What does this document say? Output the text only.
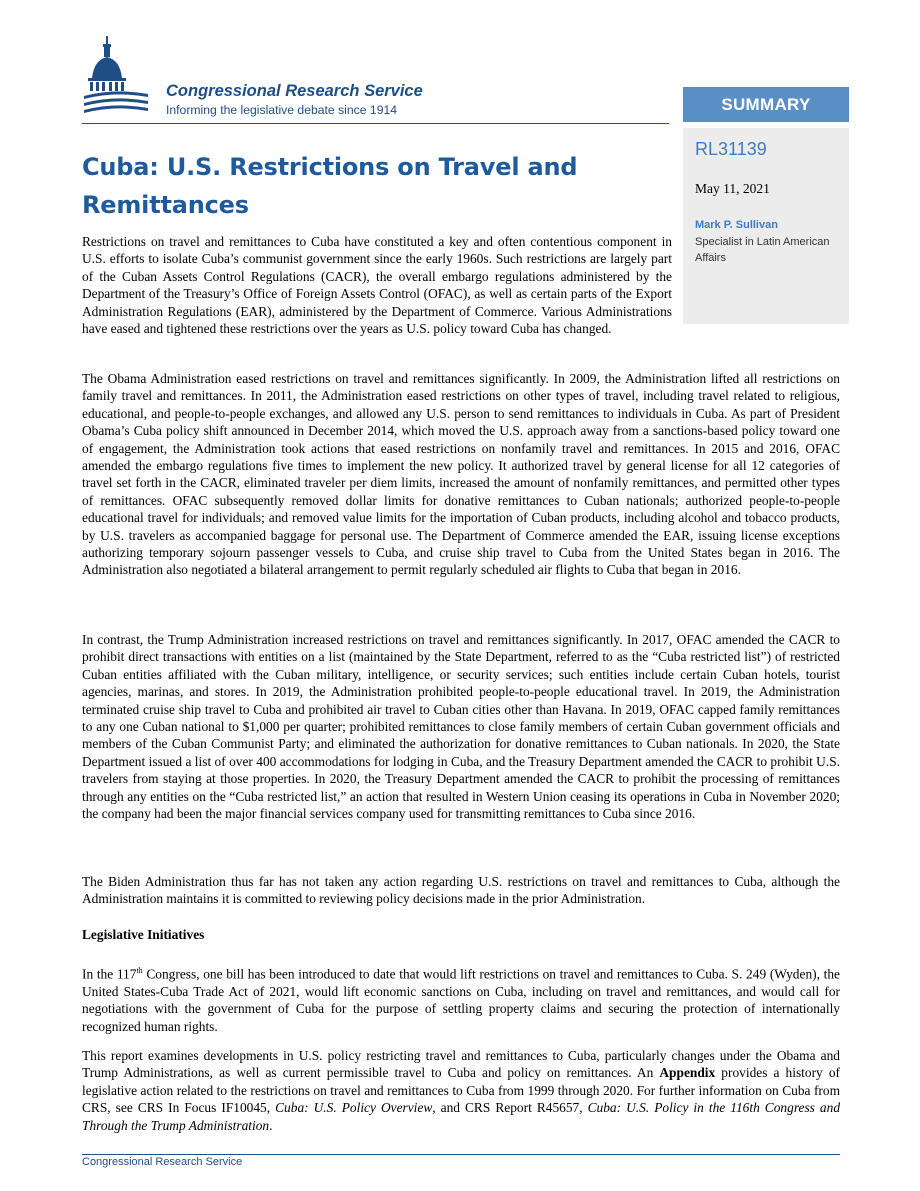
Congressional Research Service
Informing the legislative debate since 1914	SUMMARY
RL31139
May 11, 2021
Mark P. Sullivan
Specialist in Latin American Affairs
Cuba: U.S. Restrictions on Travel and Remittances

Restrictions on travel and remittances to Cuba have constituted a key and often contentious component in U.S. efforts to isolate Cuba’s communist government since the early 1960s. Such restrictions are largely part of the Cuban Assets Control Regulations (CACR), the overall embargo regulations administered by the Department of the Treasury’s Office of Foreign Assets Control (OFAC), as well as certain parts of the Export Administration Regulations (EAR), administered by the Department of Commerce. Various Administrations have eased and tightened these restrictions over the years as U.S. policy toward Cuba has changed.

The Obama Administration eased restrictions on travel and remittances significantly. In 2009, the Administration lifted all restrictions on family travel and remittances. In 2011, the Administration eased restrictions on other types of travel, including travel related to religious, educational, and people-to-people exchanges, and allowed any U.S. person to send remittances to individuals in Cuba. As part of President Obama’s Cuba policy shift announced in December 2014, which moved the U.S. approach away from a sanctions-based policy toward one of engagement, the Administration took actions that eased restrictions on nonfamily travel and remittances. In 2015 and 2016, OFAC amended the embargo regulations five times to implement the new policy. It authorized travel by general license for all 12 categories of travel set forth in the CACR, eliminated traveler per diem limits, increased the amount of nonfamily remittances, and permitted other types of remittances. OFAC subsequently removed dollar limits for donative remittances to Cuban nationals; authorized people-to-people educational travel for individuals; and removed value limits for the importation of Cuban products, including alcohol and tobacco products, by U.S. travelers as accompanied baggage for personal use. The Department of Commerce amended the EAR, issuing license exceptions authorizing temporary sojourn passenger vessels to Cuba, and cruise ship travel to Cuba from the United States began in 2016. The Administration also negotiated a bilateral arrangement to permit regularly scheduled air flights to Cuba that began in 2016.

In contrast, the Trump Administration increased restrictions on travel and remittances significantly. In 2017, OFAC amended the CACR to prohibit direct transactions with entities on a list (maintained by the State Department, referred to as the “Cuba restricted list”) of restricted Cuban entities affiliated with the Cuban military, intelligence, or security services; such entities include certain Cuban hotels, tourist agencies, marinas, and stores. In 2019, the Administration prohibited people-to-people educational travel. In 2019, the Administration terminated cruise ship travel to Cuba and prohibited air travel to Cuban cities other than Havana. In 2019, OFAC capped family remittances to any one Cuban national to $1,000 per quarter; prohibited remittances to close family members of certain Cuban government officials and members of the Cuban Communist Party; and eliminated the authorization for donative remittances to Cuban nationals. In 2020, the State Department issued a list of over 400 accommodations for lodging in Cuba, and the Treasury Department amended the CACR to prohibit U.S. travelers from staying at those properties. In 2020, the Treasury Department amended the CACR to prohibit the processing of remittances through any entities on the “Cuba restricted list,” an action that resulted in Western Union ceasing its operations in Cuba in November 2020; the company had been the major financial services company used for transmitting remittances to Cuba since 2016.

The Biden Administration thus far has not taken any action regarding U.S. restrictions on travel and remittances to Cuba, although the Administration maintains it is committed to reviewing policy decisions made in the prior Administration.

Legislative Initiatives

In the 117th Congress, one bill has been introduced to date that would lift restrictions on travel and remittances to Cuba. S. 249 (Wyden), the United States-Cuba Trade Act of 2021, would lift economic sanctions on Cuba, including on travel and remittances, and would call for negotiations with the government of Cuba for the purpose of settling property claims and securing the protection of internationally recognized human rights.

This report examines developments in U.S. policy restricting travel and remittances to Cuba, particularly changes under the Obama and Trump Administrations, as well as current permissible travel to Cuba and policy on remittances. An Appendix provides a history of legislative action related to the restrictions on travel and remittances to Cuba from 1999 through 2020. For further information on Cuba from CRS, see CRS In Focus IF10045, Cuba: U.S. Policy Overview, and CRS Report R45657, Cuba: U.S. Policy in the 116th Congress and Through the Trump Administration.

Congressional Research Service
